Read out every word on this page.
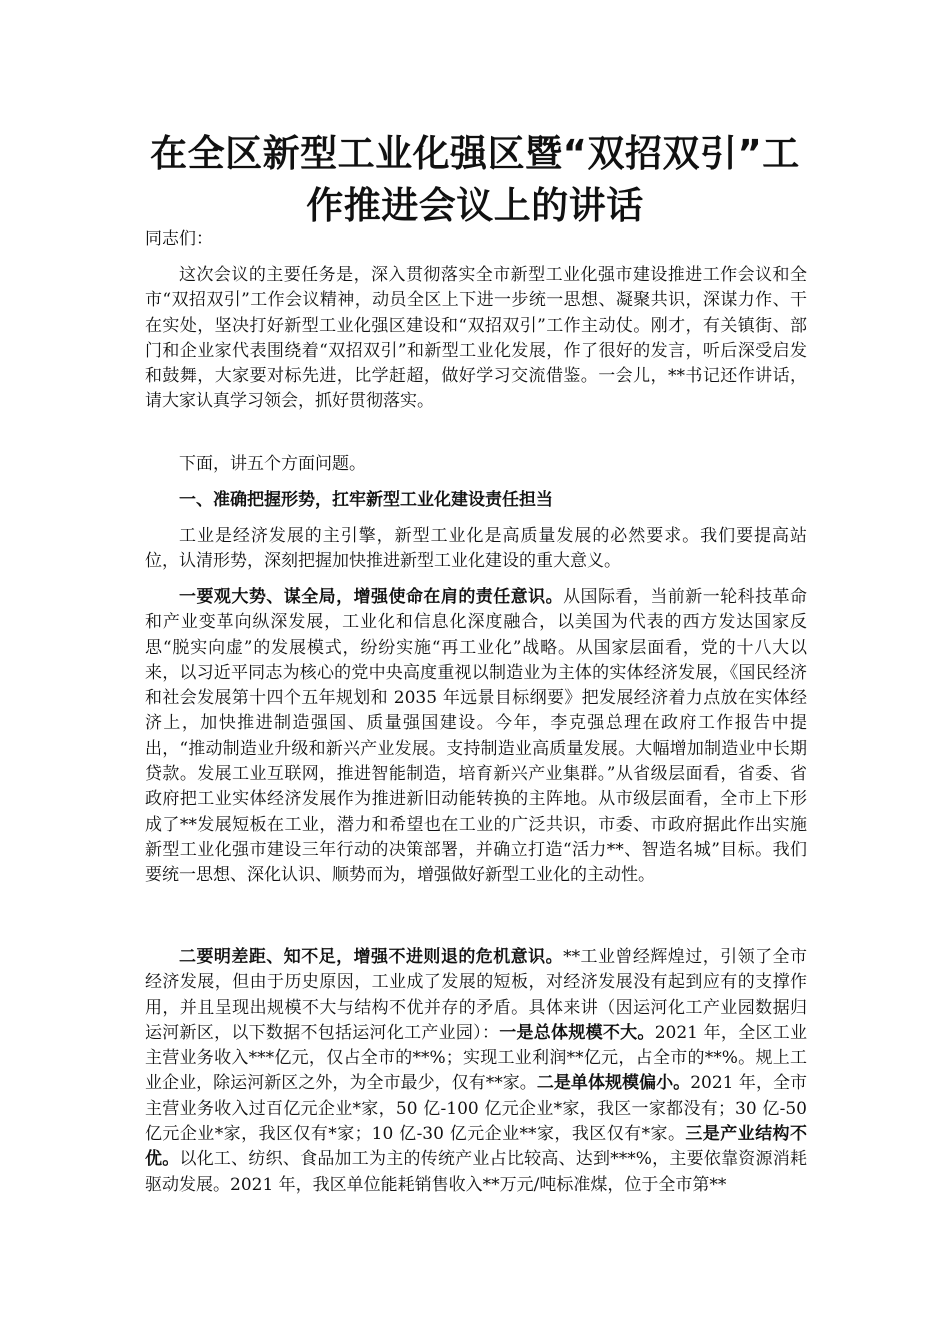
在全区新型工业化强区暨“双招双引”工
作推进会议上的讲话

同志们：

这次会议的主要任务是，深入贯彻落实全市新型工业化强市建设推进工作会议和全市“双招双引”工作会议精神，动员全区上下进一步统一思想、凝聚共识，深谋力作、干在实处，坚决打好新型工业化强区建设和“双招双引”工作主动仗。刚才，有关镇街、部门和企业家代表围绕着“双招双引”和新型工业化发展，作了很好的发言，听后深受启发和鼓舞，大家要对标先进，比学赶超，做好学习交流借鉴。一会儿，**书记还作讲话，请大家认真学习领会，抓好贯彻落实。

下面，讲五个方面问题。

一、准确把握形势，扛牢新型工业化建设责任担当

工业是经济发展的主引擎，新型工业化是高质量发展的必然要求。我们要提高站位，认清形势，深刻把握加快推进新型工业化建设的重大意义。

一要观大势、谋全局，增强使命在肩的责任意识。从国际看，当前新一轮科技革命和产业变革向纵深发展，工业化和信息化深度融合，以美国为代表的西方发达国家反思“脱实向虚”的发展模式，纷纷实施“再工业化”战略。从国家层面看，党的十八大以来，以习近平同志为核心的党中央高度重视以制造业为主体的实体经济发展，《国民经济和社会发展第十四个五年规划和 2035 年远景目标纲要》把发展经济着力点放在实体经济上，加快推进制造强国、质量强国建设。今年，李克强总理在政府工作报告中提出，“推动制造业升级和新兴产业发展。支持制造业高质量发展。大幅增加制造业中长期贷款。发展工业互联网，推进智能制造，培育新兴产业集群。”从省级层面看，省委、省政府把工业实体经济发展作为推进新旧动能转换的主阵地。从市级层面看，全市上下形成了**发展短板在工业，潜力和希望也在工业的广泛共识，市委、市政府据此作出实施新型工业化强市建设三年行动的决策部署，并确立打造“活力**、智造名城”目标。我们要统一思想、深化认识、顺势而为，增强做好新型工业化的主动性。

二要明差距、知不足，增强不进则退的危机意识。**工业曾经辉煌过，引领了全市经济发展，但由于历史原因，工业成了发展的短板，对经济发展没有起到应有的支撑作用，并且呈现出规模不大与结构不优并存的矛盾。具体来讲（因运河化工产业园数据归运河新区，以下数据不包括运河化工产业园）：一是总体规模不大。2021 年，全区工业主营业务收入***亿元，仅占全市的**%；实现工业利润**亿元，占全市的**%。规上工业企业，除运河新区之外，为全市最少，仅有**家。二是单体规模偏小。2021 年，全市主营业务收入过百亿元企业*家，50 亿-100 亿元企业*家，我区一家都没有；30 亿-50 亿元企业*家，我区仅有*家；10 亿-30 亿元企业**家，我区仅有*家。三是产业结构不优。以化工、纺织、食品加工为主的传统产业占比较高、达到***%，主要依靠资源消耗驱动发展。2021 年，我区单位能耗销售收入**万元/吨标准煤，位于全市第**
